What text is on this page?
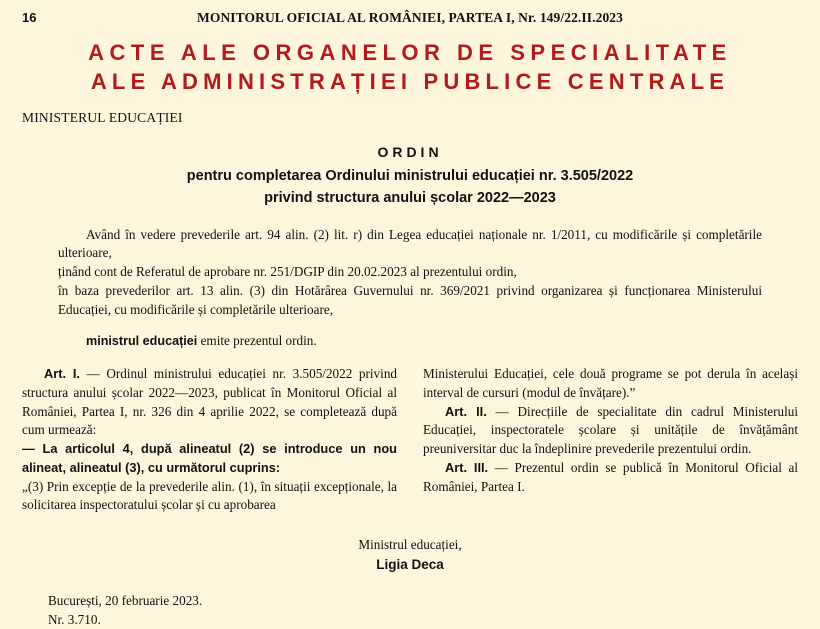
16	MONITORUL OFICIAL AL ROMÂNIEI, PARTEA I, Nr. 149/22.II.2023
ACTE ALE ORGANELOR DE SPECIALITATE
ALE ADMINISTRAȚIEI PUBLICE CENTRALE
MINISTERUL EDUCAȚIEI
ORDIN
pentru completarea Ordinului ministrului educației nr. 3.505/2022
privind structura anului școlar 2022—2023

Având în vedere prevederile art. 94 alin. (2) lit. r) din Legea educației naționale nr. 1/2011, cu modificările și completările ulterioare,

ținând cont de Referatul de aprobare nr. 251/DGIP din 20.02.2023 al prezentului ordin,

în baza prevederilor art. 13 alin. (3) din Hotărârea Guvernului nr. 369/2021 privind organizarea și funcționarea Ministerului Educației, cu modificările și completările ulterioare,

ministrul educației emite prezentul ordin.

Art. I. — Ordinul ministrului educației nr. 3.505/2022 privind structura anului școlar 2022—2023, publicat în Monitorul Oficial al României, Partea I, nr. 326 din 4 aprilie 2022, se completează după cum urmează:

— La articolul 4, după alineatul (2) se introduce un nou alineat, alineatul (3), cu următorul cuprins:

„(3) Prin excepție de la prevederile alin. (1), în situații excepționale, la solicitarea inspectoratului școlar și cu aprobarea

Ministerului Educației, cele două programe se pot derula în același interval de cursuri (modul de învățare).”

Art. II. — Direcțiile de specialitate din cadrul Ministerului Educației, inspectoratele școlare și unitățile de învățământ preuniversitar duc la îndeplinire prevederile prezentului ordin.

Art. III. — Prezentul ordin se publică în Monitorul Oficial al României, Partea I.

Ministrul educației,
Ligia Deca
București, 20 februarie 2023.
Nr. 3.710.
